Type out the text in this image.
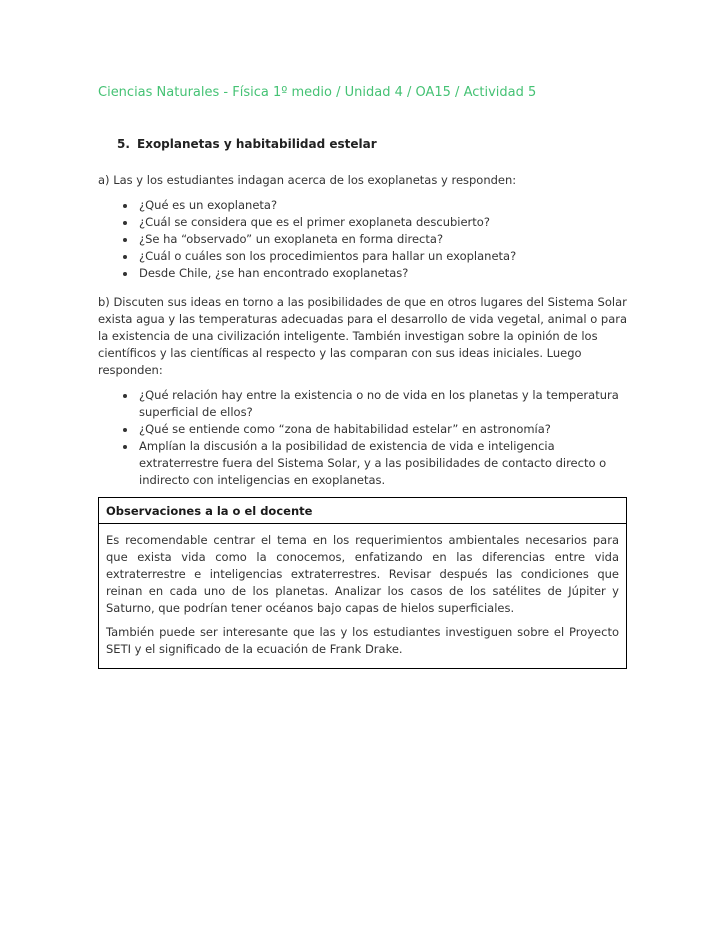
Ciencias Naturales - Física 1º medio / Unidad 4 / OA15 / Actividad 5
5. Exoplanetas y habitabilidad estelar

a) Las y los estudiantes indagan acerca de los exoplanetas y responden:

• ¿Qué es un exoplaneta?
• ¿Cuál se considera que es el primer exoplaneta descubierto?
• ¿Se ha “observado” un exoplaneta en forma directa?
• ¿Cuál o cuáles son los procedimientos para hallar un exoplaneta?
• Desde Chile, ¿se han encontrado exoplanetas?

b) Discuten sus ideas en torno a las posibilidades de que en otros lugares del Sistema Solar exista agua y las temperaturas adecuadas para el desarrollo de vida vegetal, animal o para la existencia de una civilización inteligente. También investigan sobre la opinión de los científicos y las científicas al respecto y las comparan con sus ideas iniciales. Luego responden:

• ¿Qué relación hay entre la existencia o no de vida en los planetas y la temperatura superficial de ellos?
• ¿Qué se entiende como “zona de habitabilidad estelar” en astronomía?
• Amplían la discusión a la posibilidad de existencia de vida e inteligencia extraterrestre fuera del Sistema Solar, y a las posibilidades de contacto directo o indirecto con inteligencias en exoplanetas.
Observaciones a la o el docente

Es recomendable centrar el tema en los requerimientos ambientales necesarios para que exista vida como la conocemos, enfatizando en las diferencias entre vida extraterrestre e inteligencias extraterrestres. Revisar después las condiciones que reinan en cada uno de los planetas. Analizar los casos de los satélites de Júpiter y Saturno, que podrían tener océanos bajo capas de hielos superficiales.

También puede ser interesante que las y los estudiantes investiguen sobre el Proyecto SETI y el significado de la ecuación de Frank Drake.
